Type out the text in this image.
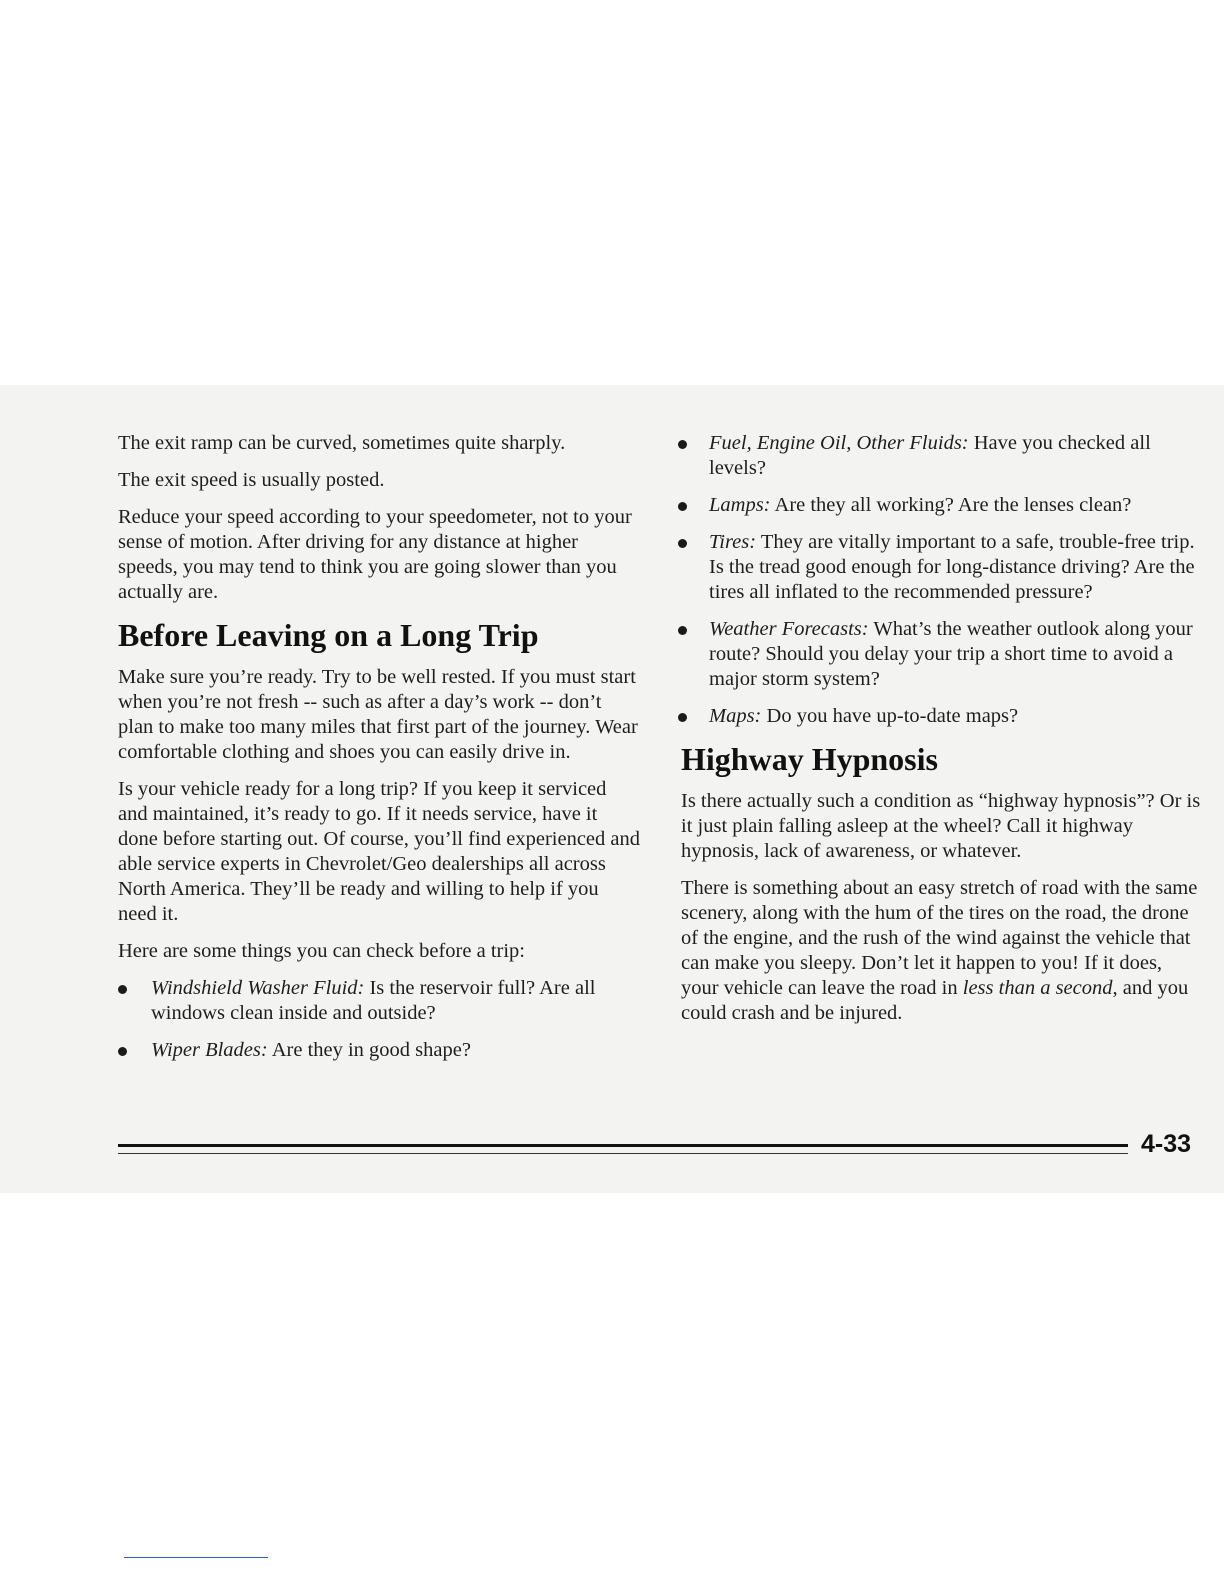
The exit ramp can be curved, sometimes quite sharply.

The exit speed is usually posted.

Reduce your speed according to your speedometer, not to your sense of motion. After driving for any distance at higher speeds, you may tend to think you are going slower than you actually are.

Before Leaving on a Long Trip

Make sure you’re ready. Try to be well rested. If you must start when you’re not fresh -- such as after a day’s work -- don’t plan to make too many miles that first part of the journey. Wear comfortable clothing and shoes you can easily drive in.

Is your vehicle ready for a long trip? If you keep it serviced and maintained, it’s ready to go. If it needs service, have it done before starting out. Of course, you’ll find experienced and able service experts in Chevrolet/Geo dealerships all across North America. They’ll be ready and willing to help if you need it.

Here are some things you can check before a trip:

Windshield Washer Fluid: Is the reservoir full? Are all windows clean inside and outside?
Wiper Blades: Are they in good shape?
Fuel, Engine Oil, Other Fluids: Have you checked all levels?
Lamps: Are they all working? Are the lenses clean?
Tires: They are vitally important to a safe, trouble-free trip. Is the tread good enough for long-distance driving? Are the tires all inflated to the recommended pressure?
Weather Forecasts: What’s the weather outlook along your route? Should you delay your trip a short time to avoid a major storm system?
Maps: Do you have up-to-date maps?
Highway Hypnosis

Is there actually such a condition as “highway hypnosis”? Or is it just plain falling asleep at the wheel? Call it highway hypnosis, lack of awareness, or whatever.

There is something about an easy stretch of road with the same scenery, along with the hum of the tires on the road, the drone of the engine, and the rush of the wind against the vehicle that can make you sleepy. Don’t let it happen to you! If it does, your vehicle can leave the road in less than a second, and you could crash and be injured.

4-33
